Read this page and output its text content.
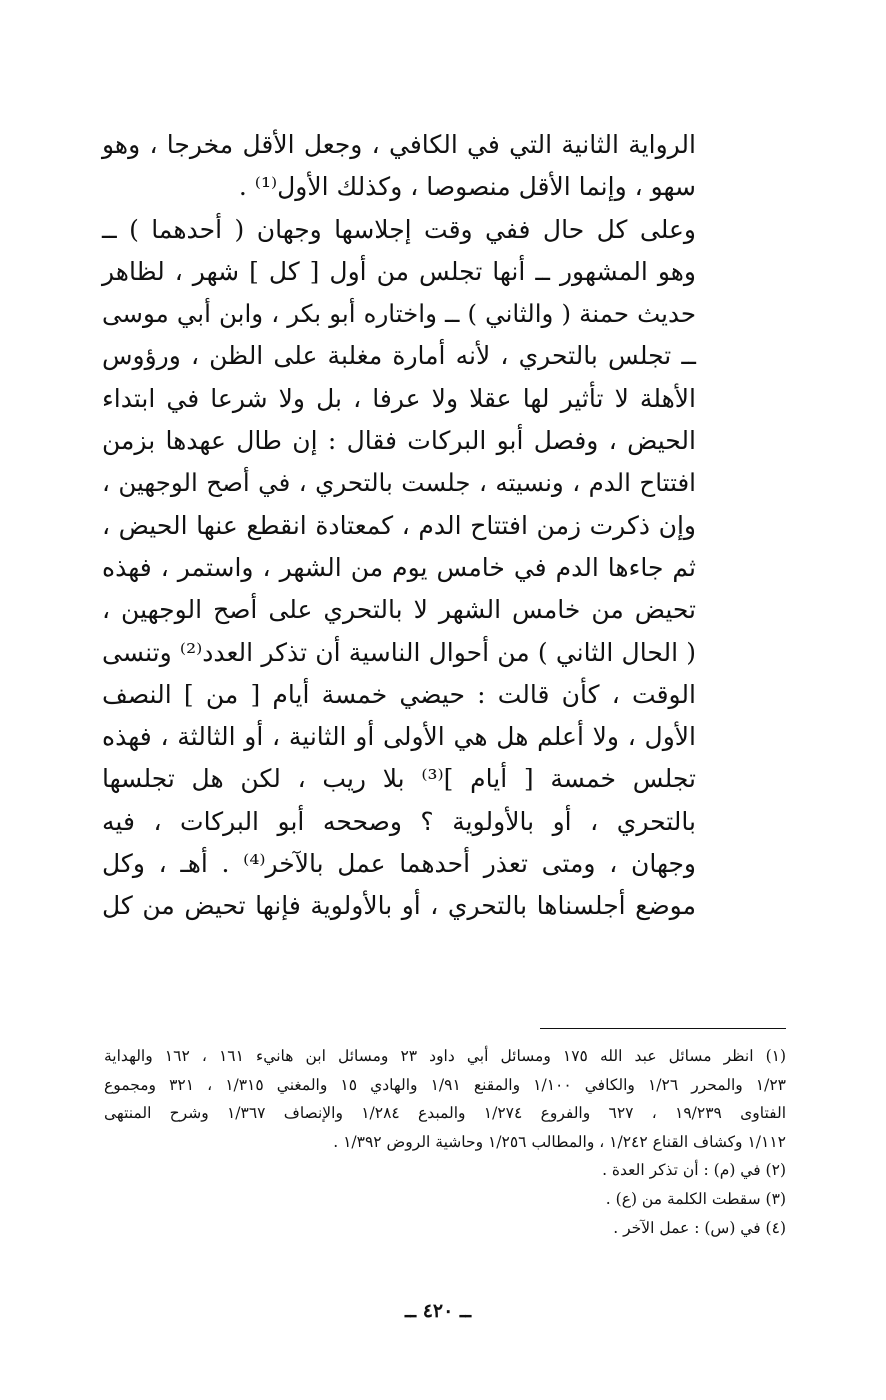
الرواية الثانية التي في الكافي ، وجعل الأقل مخرجا ، وهو
سهو ، وإنما الأقل منصوصا ، وكذلك الأول⁽¹⁾ .
وعلى كل حال ففي وقت إجلاسها وجهان ( أحدهما ) ــ
وهو المشهور ــ أنها تجلس من أول [ كل ] شهر ، لظاهر
حديث حمنة ( والثاني ) ــ واختاره أبو بكر ، وابن أبي موسى
ــ تجلس بالتحري ، لأنه أمارة مغلبة على الظن ، ورؤوس
الأهلة لا تأثير لها عقلا ولا عرفا ، بل ولا شرعا في ابتداء
الحيض ، وفصل أبو البركات فقال : إن طال عهدها بزمن
افتتاح الدم ، ونسيته ، جلست بالتحري ، في أصح الوجهين ،
وإن ذكرت زمن افتتاح الدم ، كمعتادة انقطع عنها الحيض ،
ثم جاءها الدم في خامس يوم من الشهر ، واستمر ، فهذه
تحيض من خامس الشهر لا بالتحري على أصح الوجهين ،
( الحال الثاني ) من أحوال الناسية أن تذكر العدد⁽²⁾ وتنسى
الوقت ، كأن قالت : حيضي خمسة أيام [ من ] النصف
الأول ، ولا أعلم هل هي الأولى أو الثانية ، أو الثالثة ، فهذه
تجلس خمسة [ أيام ]⁽³⁾ بلا ريب ، لكن هل تجلسها
بالتحري ، أو بالأولوية ؟ وصححه أبو البركات ، فيه
وجهان ، ومتى تعذر أحدهما عمل بالآخر⁽⁴⁾ . أهـ ، وكل
موضع أجلسناها بالتحري ، أو بالأولوية فإنها تحيض من كل
(١) انظر مسائل عبد الله ١٧٥ ومسائل أبي داود ٢٣ ومسائل ابن هانيء ١٦١ ، ١٦٢ والهداية
١/٢٣ والمحرر ١/٢٦ والكافي ١/١٠٠ والمقنع ١/٩١ والهادي ١٥ والمغني ١/٣١٥ ، ٣٢١ ومجموع
الفتاوى ١٩/٢٣٩ ، ٦٢٧ والفروع ١/٢٧٤ والمبدع ١/٢٨٤ والإنصاف ١/٣٦٧ وشرح المنتهى
١/١١٢ وكشاف القناع ١/٢٤٢ ، والمطالب ١/٢٥٦ وحاشية الروض ١/٣٩٢ .
(٢) في (م) : أن تذكر العدة .
(٣) سقطت الكلمة من (ع) .
(٤) في (س) : عمل الآخر .
ــ ٤٢٠ ــ
